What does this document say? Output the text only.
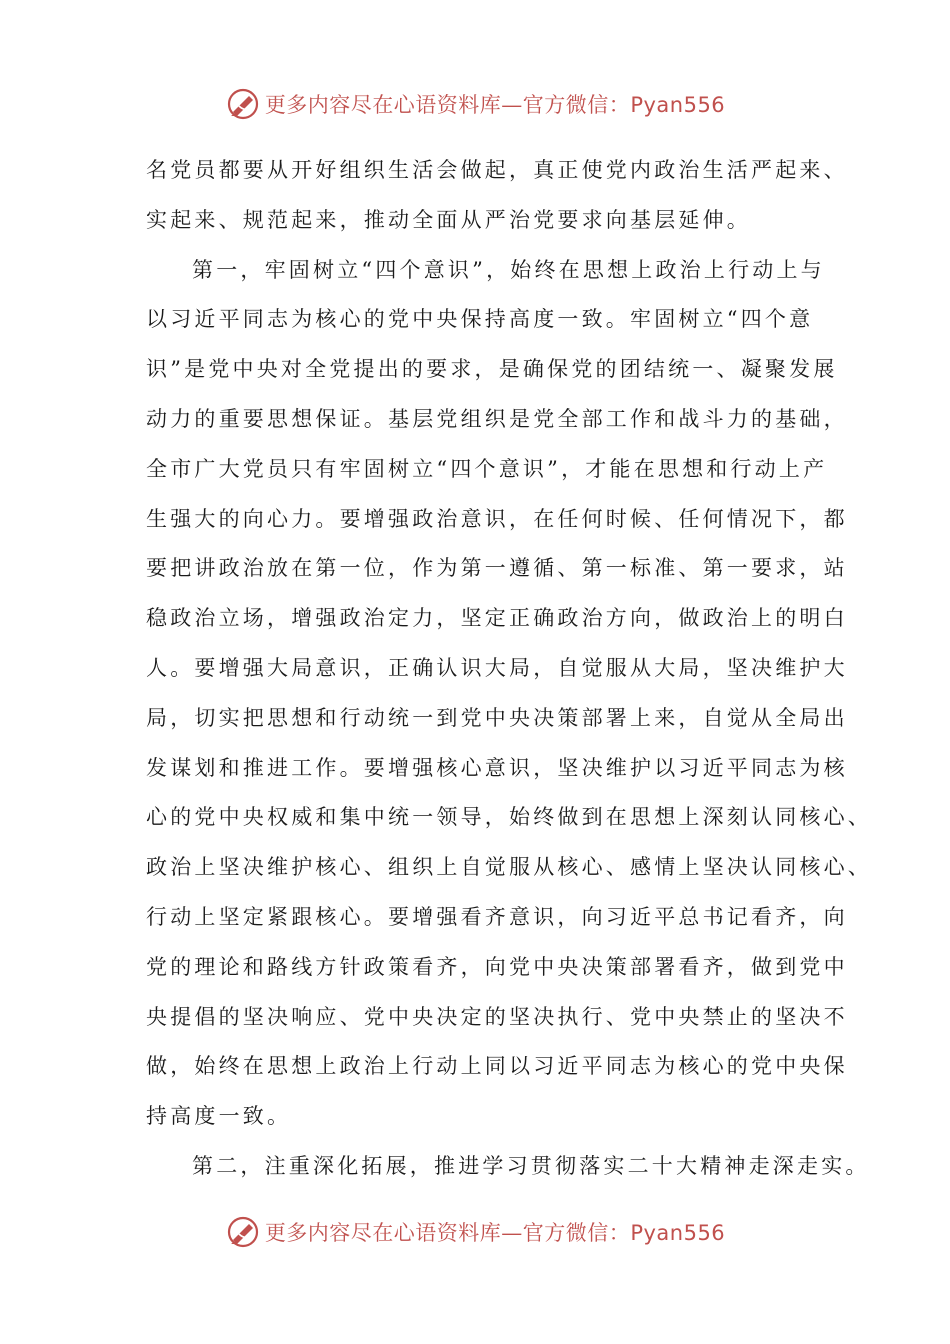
更多内容尽在心语资料库—官方微信：Pyan556
名党员都要从开好组织生活会做起，真正使党内政治生活严起来、
实起来、规范起来，推动全面从严治党要求向基层延伸。
第一，牢固树立“四个意识”，始终在思想上政治上行动上与
以习近平同志为核心的党中央保持高度一致。牢固树立“四个意
识”是党中央对全党提出的要求，是确保党的团结统一、凝聚发展
动力的重要思想保证。基层党组织是党全部工作和战斗力的基础，
全市广大党员只有牢固树立“四个意识”，才能在思想和行动上产
生强大的向心力。要增强政治意识，在任何时候、任何情况下，都
要把讲政治放在第一位，作为第一遵循、第一标准、第一要求，站
稳政治立场，增强政治定力，坚定正确政治方向，做政治上的明白
人。要增强大局意识，正确认识大局，自觉服从大局，坚决维护大
局，切实把思想和行动统一到党中央决策部署上来，自觉从全局出
发谋划和推进工作。要增强核心意识，坚决维护以习近平同志为核
心的党中央权威和集中统一领导，始终做到在思想上深刻认同核心、
政治上坚决维护核心、组织上自觉服从核心、感情上坚决认同核心、
行动上坚定紧跟核心。要增强看齐意识，向习近平总书记看齐，向
党的理论和路线方针政策看齐，向党中央决策部署看齐，做到党中
央提倡的坚决响应、党中央决定的坚决执行、党中央禁止的坚决不
做，始终在思想上政治上行动上同以习近平同志为核心的党中央保
持高度一致。
第二，注重深化拓展，推进学习贯彻落实二十大精神走深走实。
更多内容尽在心语资料库—官方微信：Pyan556
